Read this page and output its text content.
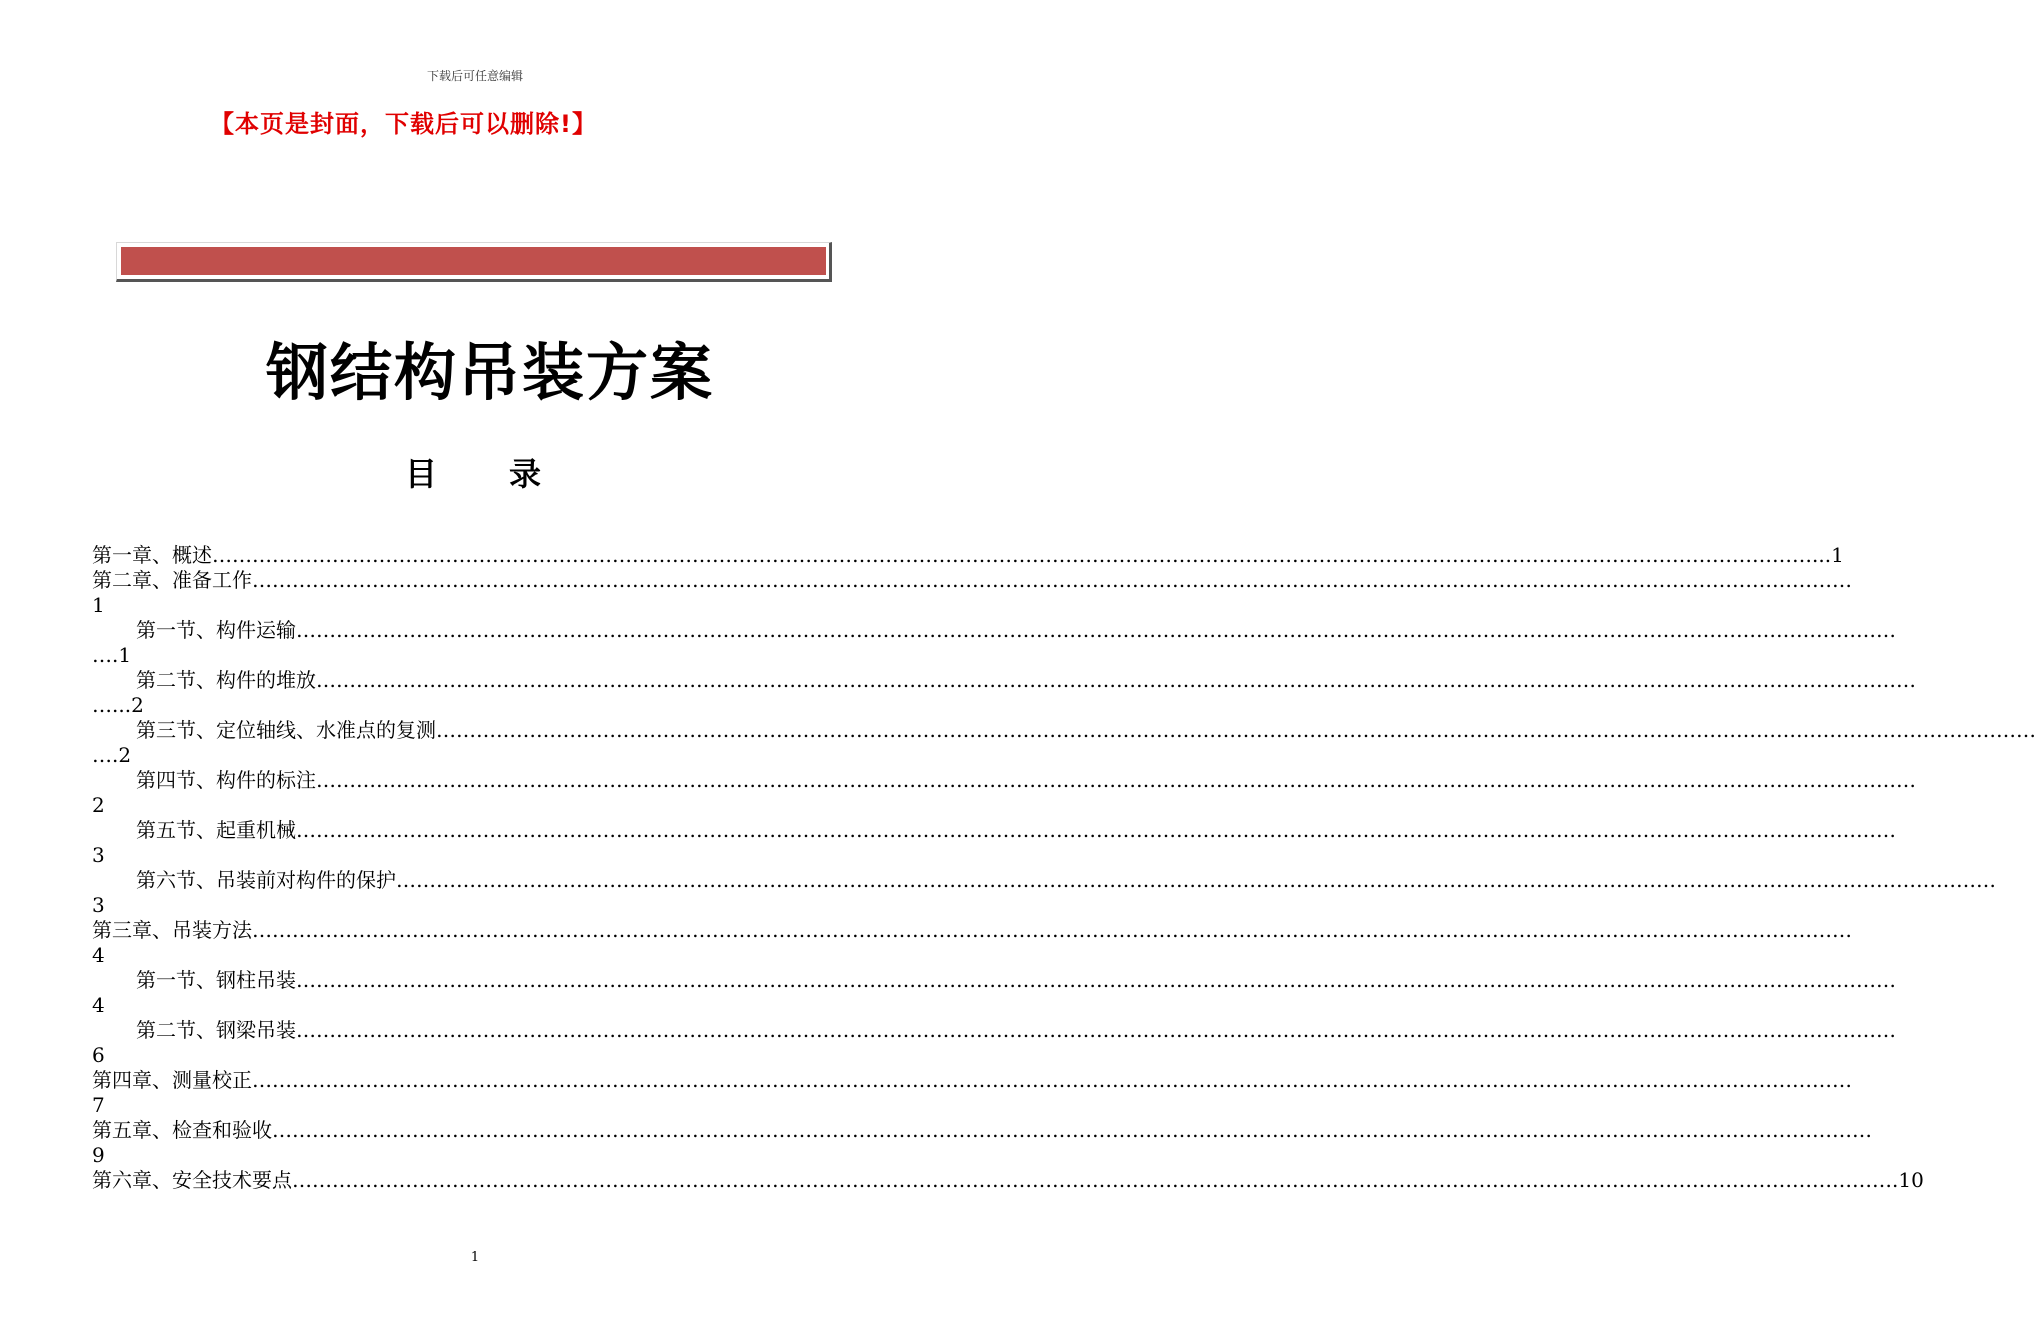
下载后可任意编辑
【本页是封面，下载后可以删除!】
钢结构吊装方案
目 录
第一章、概述 …………………………………………………………………………………………………………………………………………………………………………………………………………………… ...1
第二章、准备工作……………………………………………………………………………………………………………………………………………………………………………………………………………………
1
第一节、构件运输……………………………………………………………………………………………………………………………………………………………………………………………………………………
….1
第二节、构件的堆放……………………………………………………………………………………………………………………………………………………………………………………………………………………
…...2
第三节、定位轴线、水准点的复测……………………………………………………………………………………………………………………………………………………………………………………………………………………
….2
第四节、构件的标注……………………………………………………………………………………………………………………………………………………………………………………………………………………
2
第五节、起重机械……………………………………………………………………………………………………………………………………………………………………………………………………………………
3
第六节、吊装前对构件的保护……………………………………………………………………………………………………………………………………………………………………………………………………………………
3
第三章、吊装方法……………………………………………………………………………………………………………………………………………………………………………………………………………………
4
第一节、钢柱吊装……………………………………………………………………………………………………………………………………………………………………………………………………………………
4
第二节、钢梁吊装……………………………………………………………………………………………………………………………………………………………………………………………………………………
6
第四章、测量校正……………………………………………………………………………………………………………………………………………………………………………………………………………………
7
第五章、检查和验收……………………………………………………………………………………………………………………………………………………………………………………………………………………
9
第六章、安全技术要点 …………………………………………………………………………………………………………………………………………………………………………………………………………………… .10
1
